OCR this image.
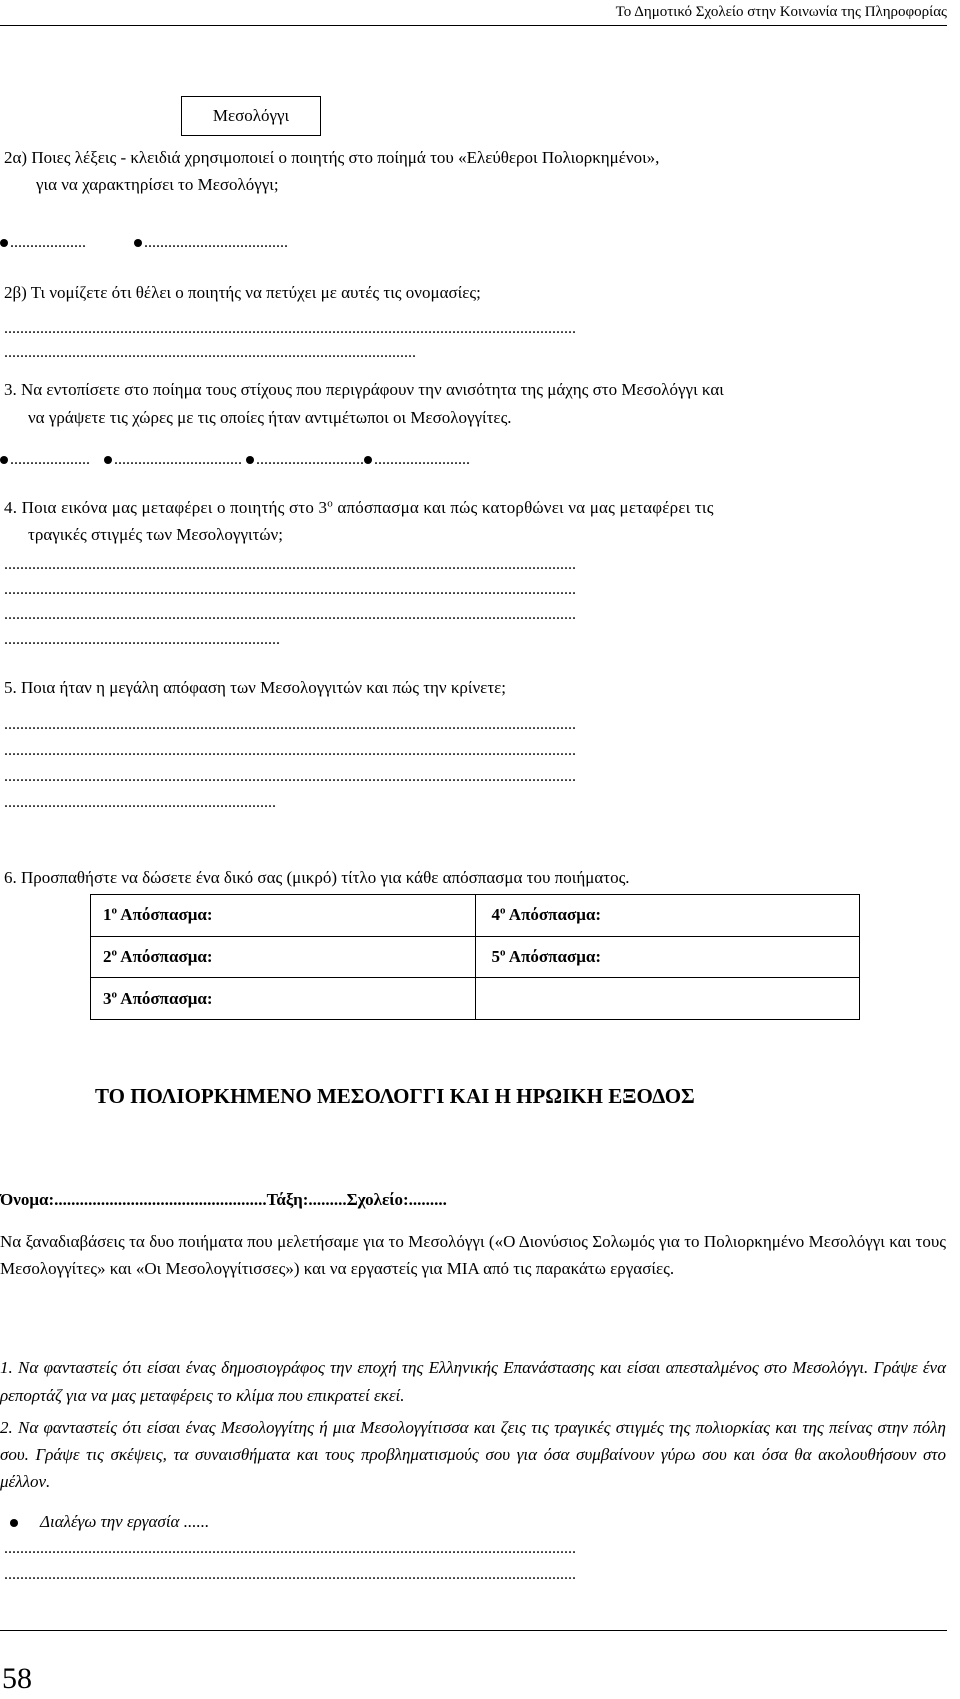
Το Δημοτικό Σχολείο στην Κοινωνία της Πληροφορίας
Μεσολόγγι
2α) Ποιες λέξεις - κλειδιά χρησιμοποιεί ο ποιητής στο ποίημά του «Ελεύθεροι Πολιορκημένοι»,
για να χαρακτηρίσει το Μεσολόγγι;
...................	....................................
2β) Τι νομίζετε ότι θέλει ο ποιητής να πετύχει με αυτές τις ονομασίες;
...............................................................................................................................................
.......................................................................................................
3. Να εντοπίσετε στο ποίημα τους στίχους που περιγράφουν την ανισότητα της μάχης στο Μεσολόγγι και
να γράψετε τις χώρες με τις οποίες ήταν αντιμέτωποι οι Μεσολογγίτες.
.................... ................................ ........................... ........................
4. Ποια εικόνα μας μεταφέρει ο ποιητής στο $3^o$ απόσπασμα και πώς κατορθώνει να μας μεταφέρει τις
τραγικές στιγμές των Μεσολογγιτών;
...............................................................................................................................................
...............................................................................................................................................
...............................................................................................................................................
.....................................................................
5. Ποια ήταν η μεγάλη απόφαση των Μεσολογγιτών και πώς την κρίνετε;
...............................................................................................................................................
...............................................................................................................................................
...............................................................................................................................................
....................................................................
6. Προσπαθήστε να δώσετε ένα δικό σας (μικρό) τίτλο για κάθε απόσπασμα του ποιήματος.
$1^o$ Απόσπασμα:	$4^o$ Απόσπασμα:
$2^o$ Απόσπασμα:	$5^o$ Απόσπασμα:
$3^o$ Απόσπασμα:	
ΤΟ ΠΟΛΙΟΡΚΗΜΕΝΟ ΜΕΣΟΛΟΓΓΙ ΚΑΙ Η ΗΡΩΙΚΗ ΕΞΟΔΟΣ
Όνομα:..................................................Τάξη:.........Σχολείο:.........
Να ξαναδιαβάσεις τα δυο ποιήματα που μελετήσαμε για το Μεσολόγγι («Ο Διονύσιος Σολωμός για το Πολιορκημένο Μεσολόγγι και τους Μεσολογγίτες» και «Οι Μεσολογγίτισσες») και να εργαστείς για ΜΙΑ από τις παρακάτω εργασίες.
1. Να φανταστείς ότι είσαι ένας δημοσιογράφος την εποχή της Ελληνικής Επανάστασης και είσαι απεσταλμένος στο Μεσολόγγι. Γράψε ένα ρεπορτάζ για να μας μεταφέρεις το κλίμα που επικρατεί εκεί.
2. Να φανταστείς ότι είσαι ένας Μεσολογγίτης ή μια Μεσολογγίτισσα και ζεις τις τραγικές στιγμές της πολιορκίας και της πείνας στην πόλη σου. Γράψε τις σκέψεις, τα συναισθήματα και τους προβληματισμούς σου για όσα συμβαίνουν γύρω σου και όσα θα ακολουθήσουν στο μέλλον.
Διαλέγω την εργασία ......
...............................................................................................................................................
...............................................................................................................................................
58
